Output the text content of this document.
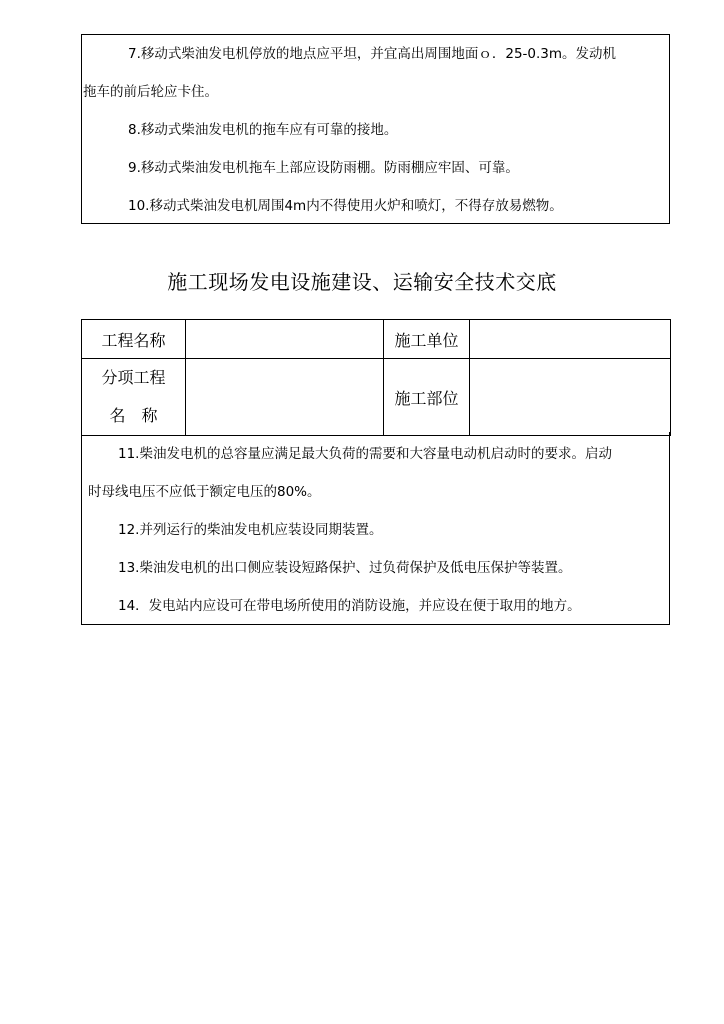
7.移动式柴油发电机停放的地点应平坦，并宜高出周围地面ｏ．25-0.3m。发动机
拖车的前后轮应卡住。
8.移动式柴油发电机的拖车应有可靠的接地。
9.移动式柴油发电机拖车上部应设防雨棚。防雨棚应牢固、可靠。
10.移动式柴油发电机周围4m内不得使用火炉和喷灯，不得存放易燃物。
施工现场发电设施建设、运输安全技术交底
工程名称		施工单位	

分项工程
名　称		施工部位	
11.柴油发电机的总容量应满足最大负荷的需要和大容量电动机启动时的要求。启动
时母线电压不应低于额定电压的80%。
12.并列运行的柴油发电机应装设同期装置。
13.柴油发电机的出口侧应装设短路保护、过负荷保护及低电压保护等装置。
14．发电站内应设可在带电场所使用的消防设施，并应设在便于取用的地方。
